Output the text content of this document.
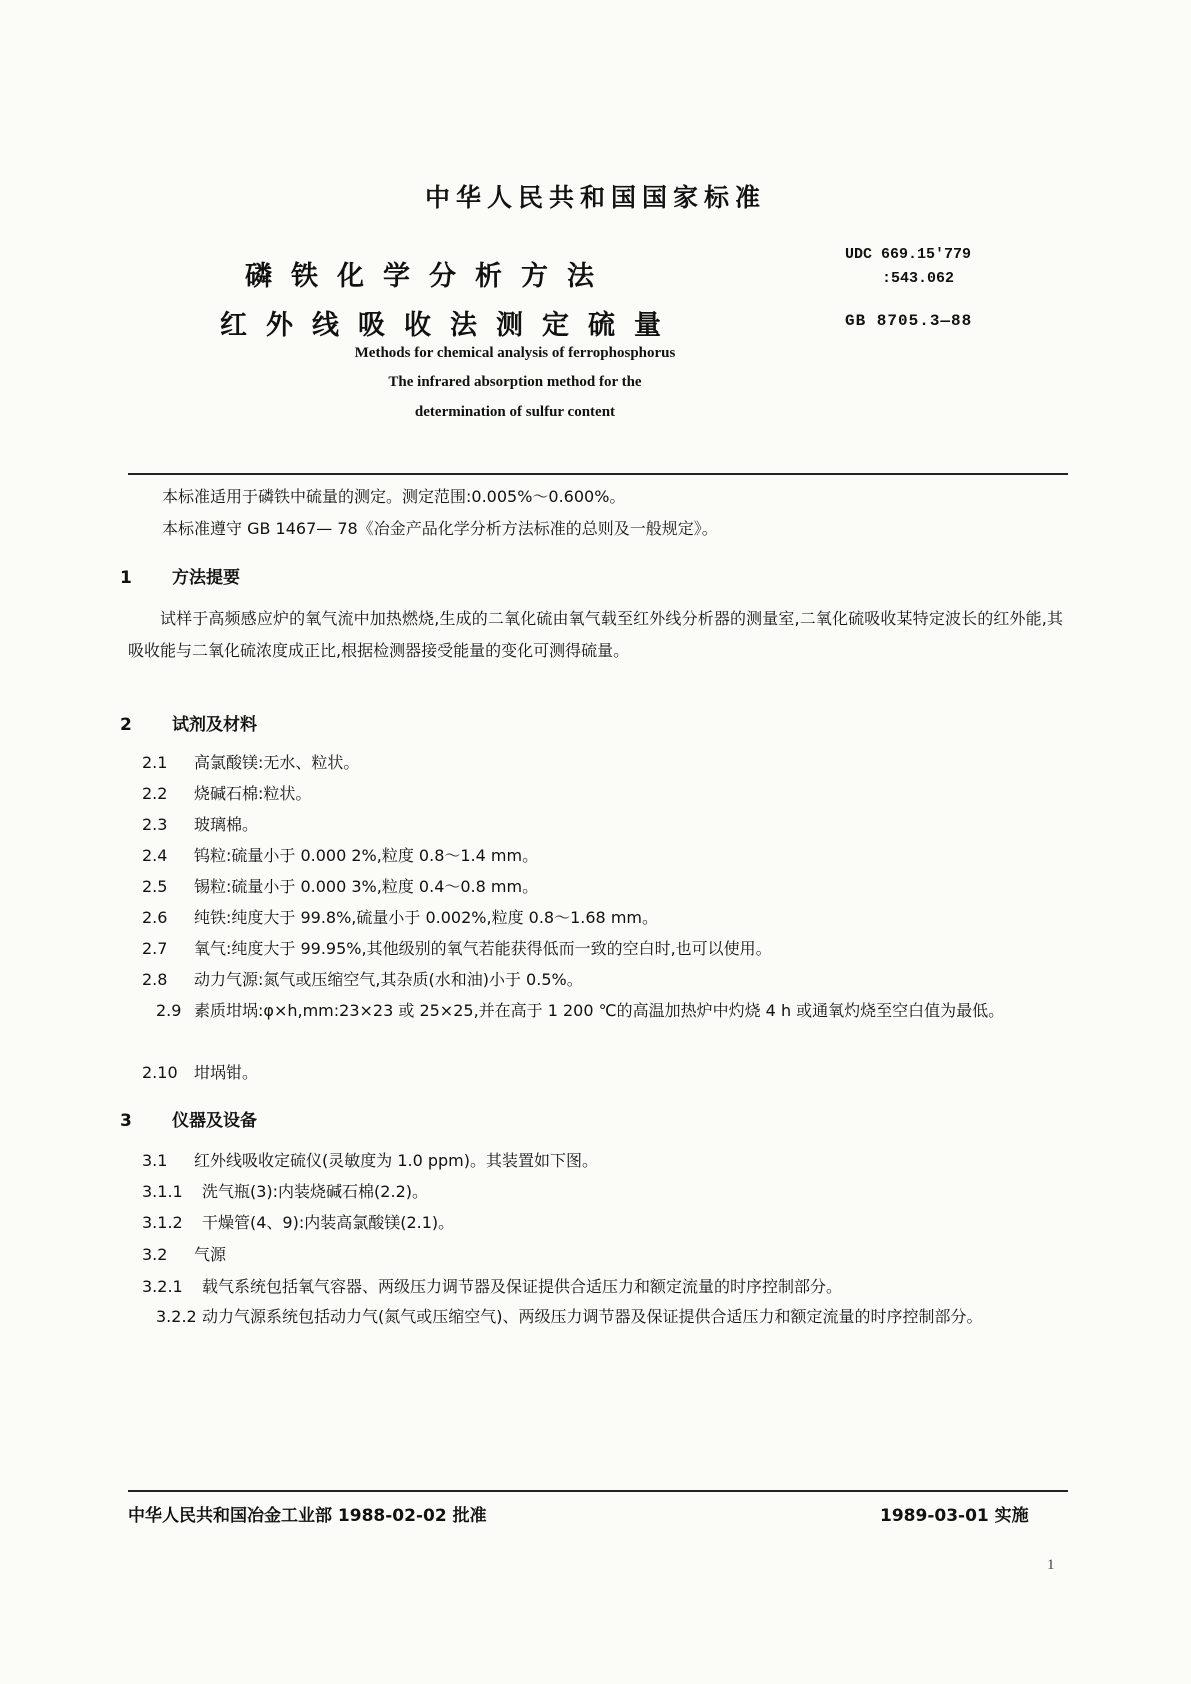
中华人民共和国国家标准
磷铁化学分析方法
红外线吸收法测定硫量
UDC 669.15'779
:543.062
GB 8705.3—88
Methods for chemical analysis of ferrophosphorus
The infrared absorption method for the
determination of sulfur content
本标准适用于磷铁中硫量的测定。测定范围:0.005%～0.600%。
本标准遵守 GB 1467— 78《冶金产品化学分析方法标准的总则及一般规定》。
1 方法提要
试样于高频感应炉的氧气流中加热燃烧,生成的二氧化硫由氧气载至红外线分析器的测量室,二氧化硫吸收某特定波长的红外能,其吸收能与二氧化硫浓度成正比,根据检测器接受能量的变化可测得硫量。
2 试剂及材料
2.1 高氯酸镁:无水、粒状。
2.2 烧碱石棉:粒状。
2.3 玻璃棉。
2.4 钨粒:硫量小于 0.000 2%,粒度 0.8～1.4 mm。
2.5 锡粒:硫量小于 0.000 3%,粒度 0.4～0.8 mm。
2.6 纯铁:纯度大于 99.8%,硫量小于 0.002%,粒度 0.8～1.68 mm。
2.7 氧气:纯度大于 99.95%,其他级别的氧气若能获得低而一致的空白时,也可以使用。
2.8 动力气源:氮气或压缩空气,其杂质(水和油)小于 0.5%。
2.9 素质坩埚:φ×h,mm:23×23 或 25×25,并在高于 1 200 ℃的高温加热炉中灼烧 4 h 或通氧灼烧至空白值为最低。
2.10 坩埚钳。
3 仪器及设备
3.1 红外线吸收定硫仪(灵敏度为 1.0 ppm)。其装置如下图。
3.1.1 洗气瓶(3):内装烧碱石棉(2.2)。
3.1.2 干燥管(4、9):内装高氯酸镁(2.1)。
3.2 气源
3.2.1 载气系统包括氧气容器、两级压力调节器及保证提供合适压力和额定流量的时序控制部分。
3.2.2 动力气源系统包括动力气(氮气或压缩空气)、两级压力调节器及保证提供合适压力和额定流量的时序控制部分。
中华人民共和国冶金工业部 1988-02-02 批准	1989-03-01 实施
1
